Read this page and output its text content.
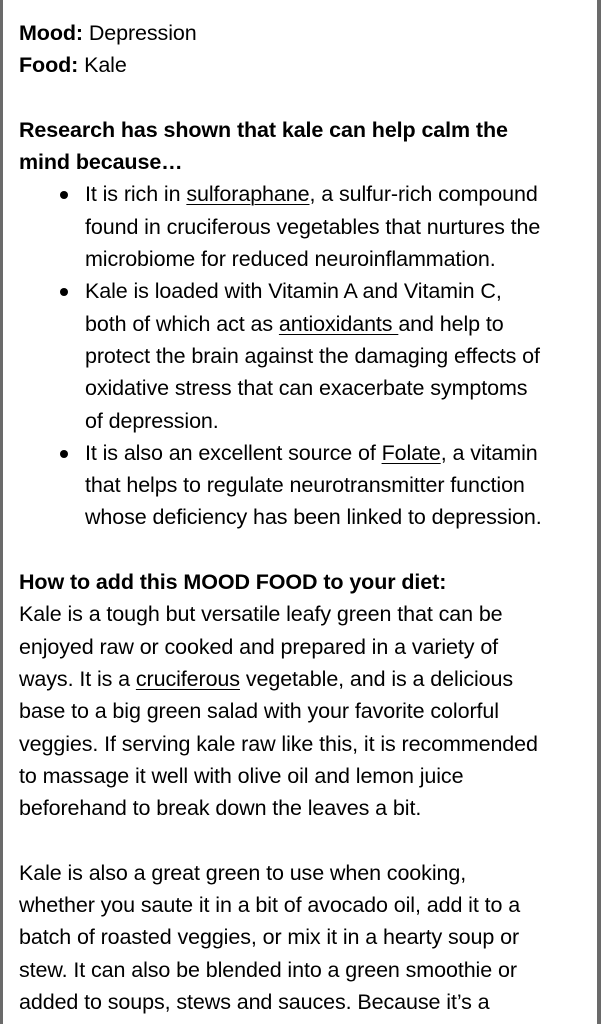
Mood: Depression
Food: Kale
Research has shown that kale can help calm the
mind because…
It is rich in sulforaphane, a sulfur-rich compound
found in cruciferous vegetables that nurtures the
microbiome for reduced neuroinflammation.
Kale is loaded with Vitamin A and Vitamin C,
both of which act as antioxidants and help to
protect the brain against the damaging effects of
oxidative stress that can exacerbate symptoms
of depression.
It is also an excellent source of Folate, a vitamin
that helps to regulate neurotransmitter function
whose deficiency has been linked to depression.
How to add this MOOD FOOD to your diet:
Kale is a tough but versatile leafy green that can be
enjoyed raw or cooked and prepared in a variety of
ways. It is a cruciferous vegetable, and is a delicious
base to a big green salad with your favorite colorful
veggies. If serving kale raw like this, it is recommended
to massage it well with olive oil and lemon juice
beforehand to break down the leaves a bit.
Kale is also a great green to use when cooking,
whether you saute it in a bit of avocado oil, add it to a
batch of roasted veggies, or mix it in a hearty soup or
stew. It can also be blended into a green smoothie or
added to soups, stews and sauces. Because it’s a
